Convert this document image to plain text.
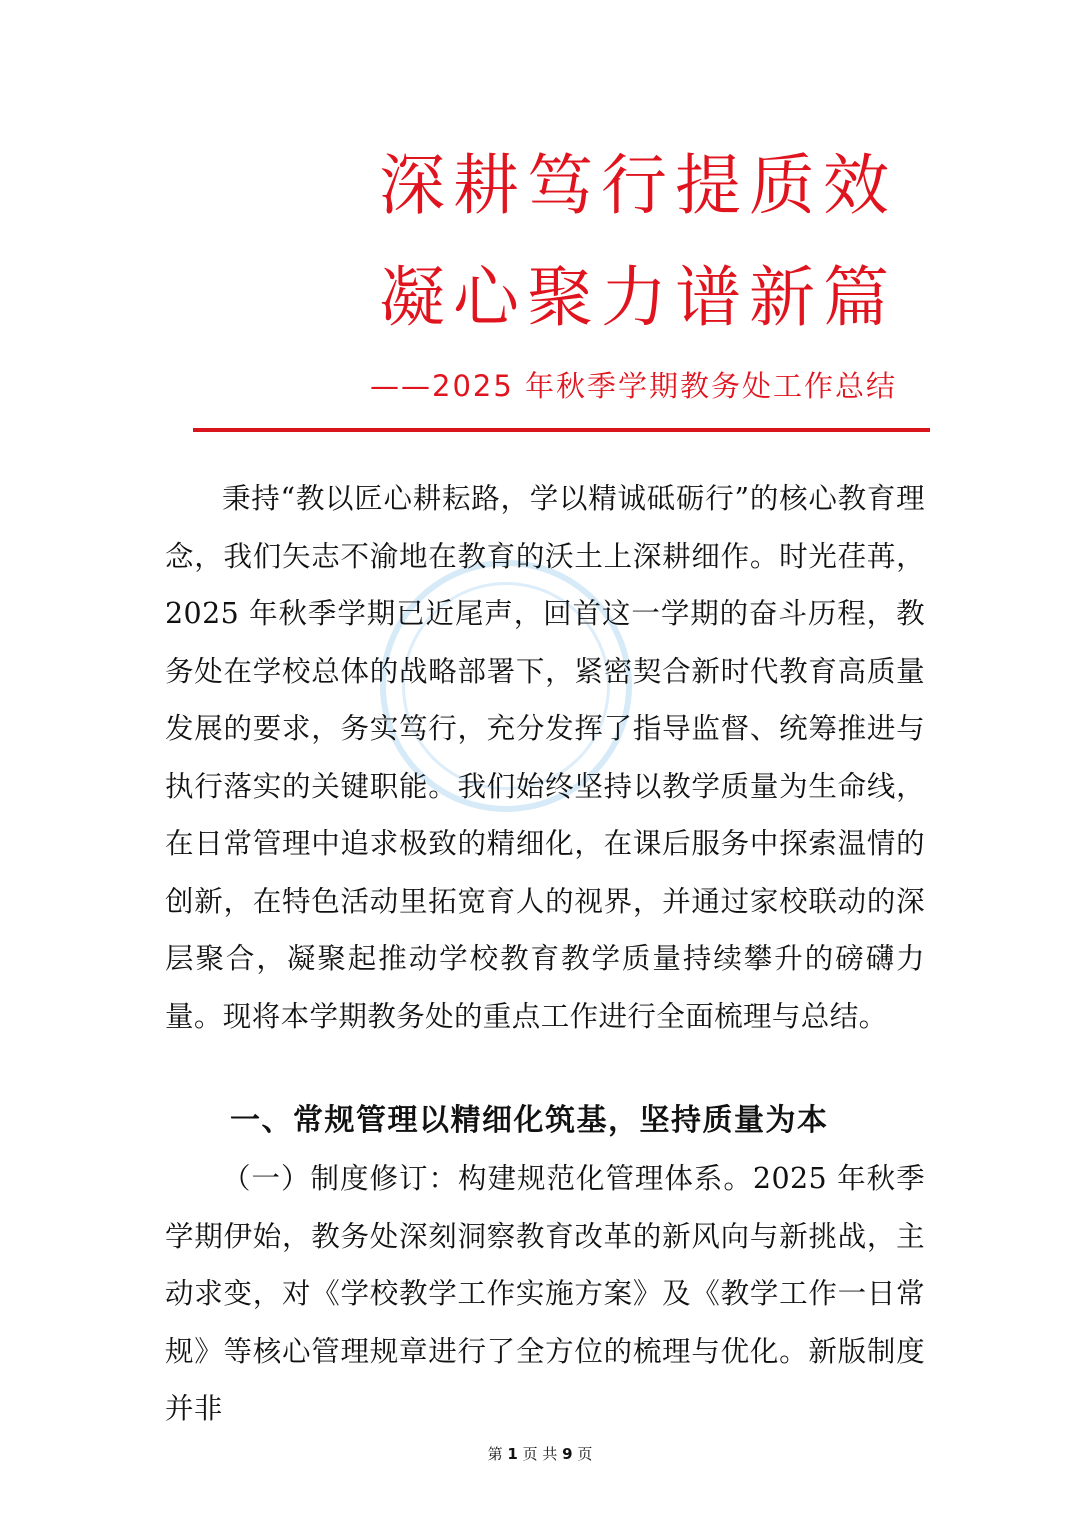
深耕笃行提质效
凝心聚力谱新篇
——2025 年秋季学期教务处工作总结

秉持“教以匠心耕耘路，学以精诚砥砺行”的核心教育理念，我们矢志不渝地在教育的沃土上深耕细作。时光荏苒，2025 年秋季学期已近尾声，回首这一学期的奋斗历程，教务处在学校总体的战略部署下，紧密契合新时代教育高质量发展的要求，务实笃行，充分发挥了指导监督、统筹推进与执行落实的关键职能。我们始终坚持以教学质量为生命线，在日常管理中追求极致的精细化，在课后服务中探索温情的创新，在特色活动里拓宽育人的视界，并通过家校联动的深层聚合，凝聚起推动学校教育教学质量持续攀升的磅礴力量。现将本学期教务处的重点工作进行全面梳理与总结。

一、常规管理以精细化筑基，坚持质量为本

（一）制度修订：构建规范化管理体系。2025 年秋季学期伊始，教务处深刻洞察教育改革的新风向与新挑战，主动求变，对《学校教学工作实施方案》及《教学工作一日常规》等核心管理规章进行了全方位的梳理与优化。新版制度并非

第 1 页 共 9 页
